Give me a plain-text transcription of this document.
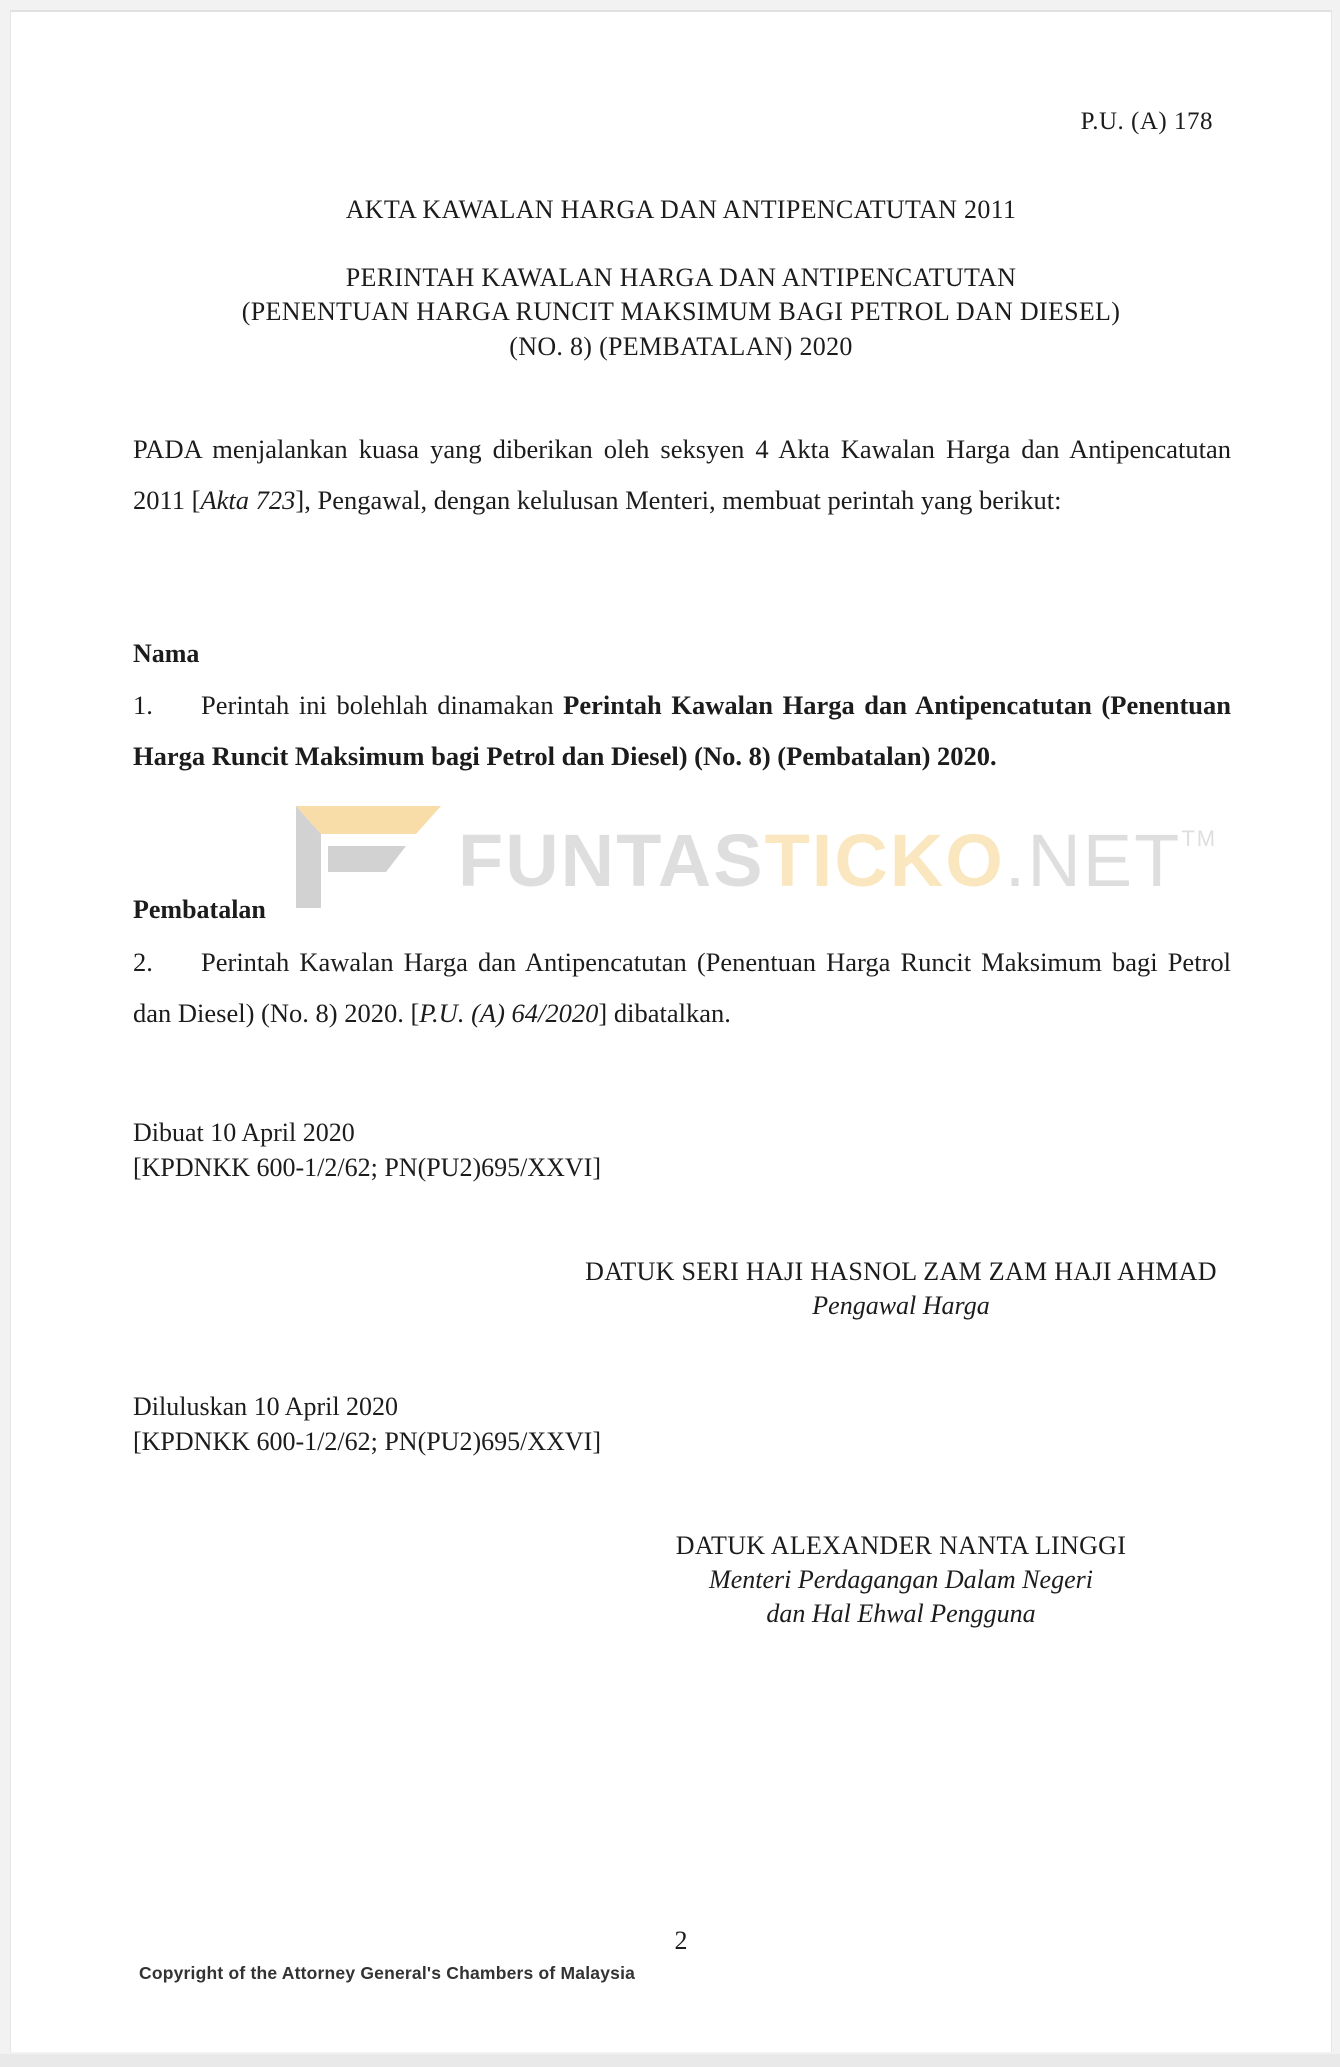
P.U. (A) 178
AKTA KAWALAN HARGA DAN ANTIPENCATUTAN 2011
PERINTAH KAWALAN HARGA DAN ANTIPENCATUTAN
(PENENTUAN HARGA RUNCIT MAKSIMUM BAGI PETROL DAN DIESEL)
(NO. 8) (PEMBATALAN) 2020
PADA menjalankan kuasa yang diberikan oleh seksyen 4 Akta Kawalan Harga dan Antipencatutan 2011 [Akta 723], Pengawal, dengan kelulusan Menteri, membuat perintah yang berikut:
Nama
1. Perintah ini bolehlah dinamakan Perintah Kawalan Harga dan Antipencatutan (Penentuan Harga Runcit Maksimum bagi Petrol dan Diesel) (No. 8) (Pembatalan) 2020.
Pembatalan
2. Perintah Kawalan Harga dan Antipencatutan (Penentuan Harga Runcit Maksimum bagi Petrol dan Diesel) (No. 8) 2020. [P.U. (A) 64/2020] dibatalkan.
Dibuat 10 April 2020
[KPDNKK 600-1/2/62; PN(PU2)695/XXVI]
DATUK SERI HAJI HASNOL ZAM ZAM HAJI AHMAD
Pengawal Harga
Diluluskan 10 April 2020
[KPDNKK 600-1/2/62; PN(PU2)695/XXVI]
DATUK ALEXANDER NANTA LINGGI
Menteri Perdagangan Dalam Negeri
dan Hal Ehwal Pengguna
2
Copyright of the Attorney General's Chambers of Malaysia
FUNTASTICKO.NET™
